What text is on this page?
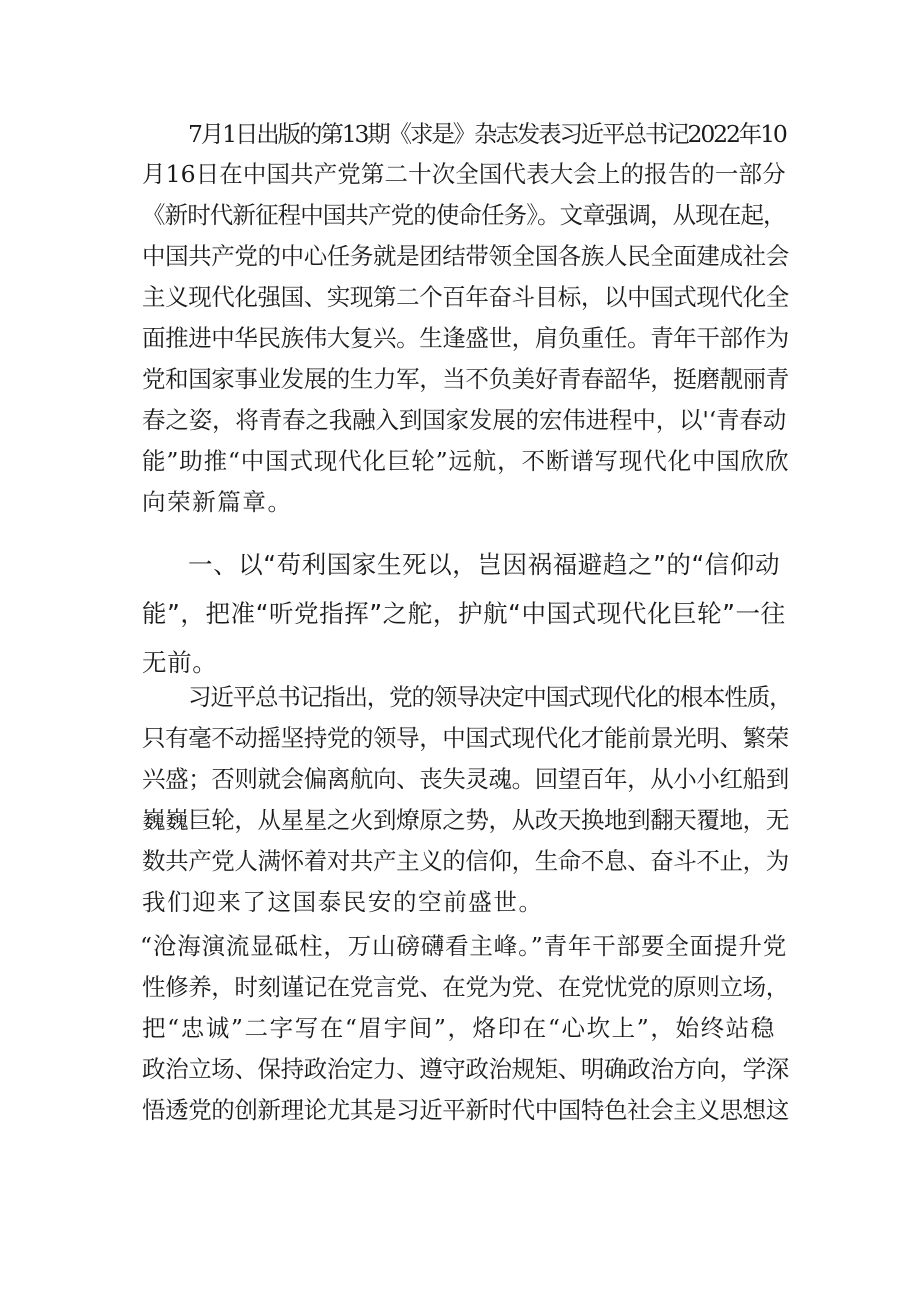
7月1日出版的第13期《求是》杂志发表习近平总书记2022年10
月16日在中国共产党第二十次全国代表大会上的报告的一部分
《新时代新征程中国共产党的使命任务》。文章强调，从现在起，
中国共产党的中心任务就是团结带领全国各族人民全面建成社会
主义现代化强国、实现第二个百年奋斗目标，以中国式现代化全
面推进中华民族伟大复兴。生逢盛世，肩负重任。青年干部作为
党和国家事业发展的生力军，当不负美好青春韶华，挺磨靓丽青
春之姿，将青春之我融入到国家发展的宏伟进程中，以'‘青春动
能”助推“中国式现代化巨轮”远航，不断谱写现代化中国欣欣
向荣新篇章。
一、以“苟利国家生死以，岂因祸福避趋之”的“信仰动
能”，把准“听党指挥”之舵，护航“中国式现代化巨轮”一往
无前。
习近平总书记指出，党的领导决定中国式现代化的根本性质，
只有毫不动摇坚持党的领导，中国式现代化才能前景光明、繁荣
兴盛；否则就会偏离航向、丧失灵魂。回望百年，从小小红船到
巍巍巨轮，从星星之火到燎原之势，从改天换地到翻天覆地，无
数共产党人满怀着对共产主义的信仰，生命不息、奋斗不止，为
我们迎来了这国泰民安的空前盛世。
“沧海演流显砥柱，万山磅礴看主峰。”青年干部要全面提升党
性修养，时刻谨记在党言党、在党为党、在党忧党的原则立场，
把“忠诚”二字写在“眉宇间”，烙印在“心坎上”，始终站稳
政治立场、保持政治定力、遵守政治规矩、明确政治方向，学深
悟透党的创新理论尤其是习近平新时代中国特色社会主义思想这
